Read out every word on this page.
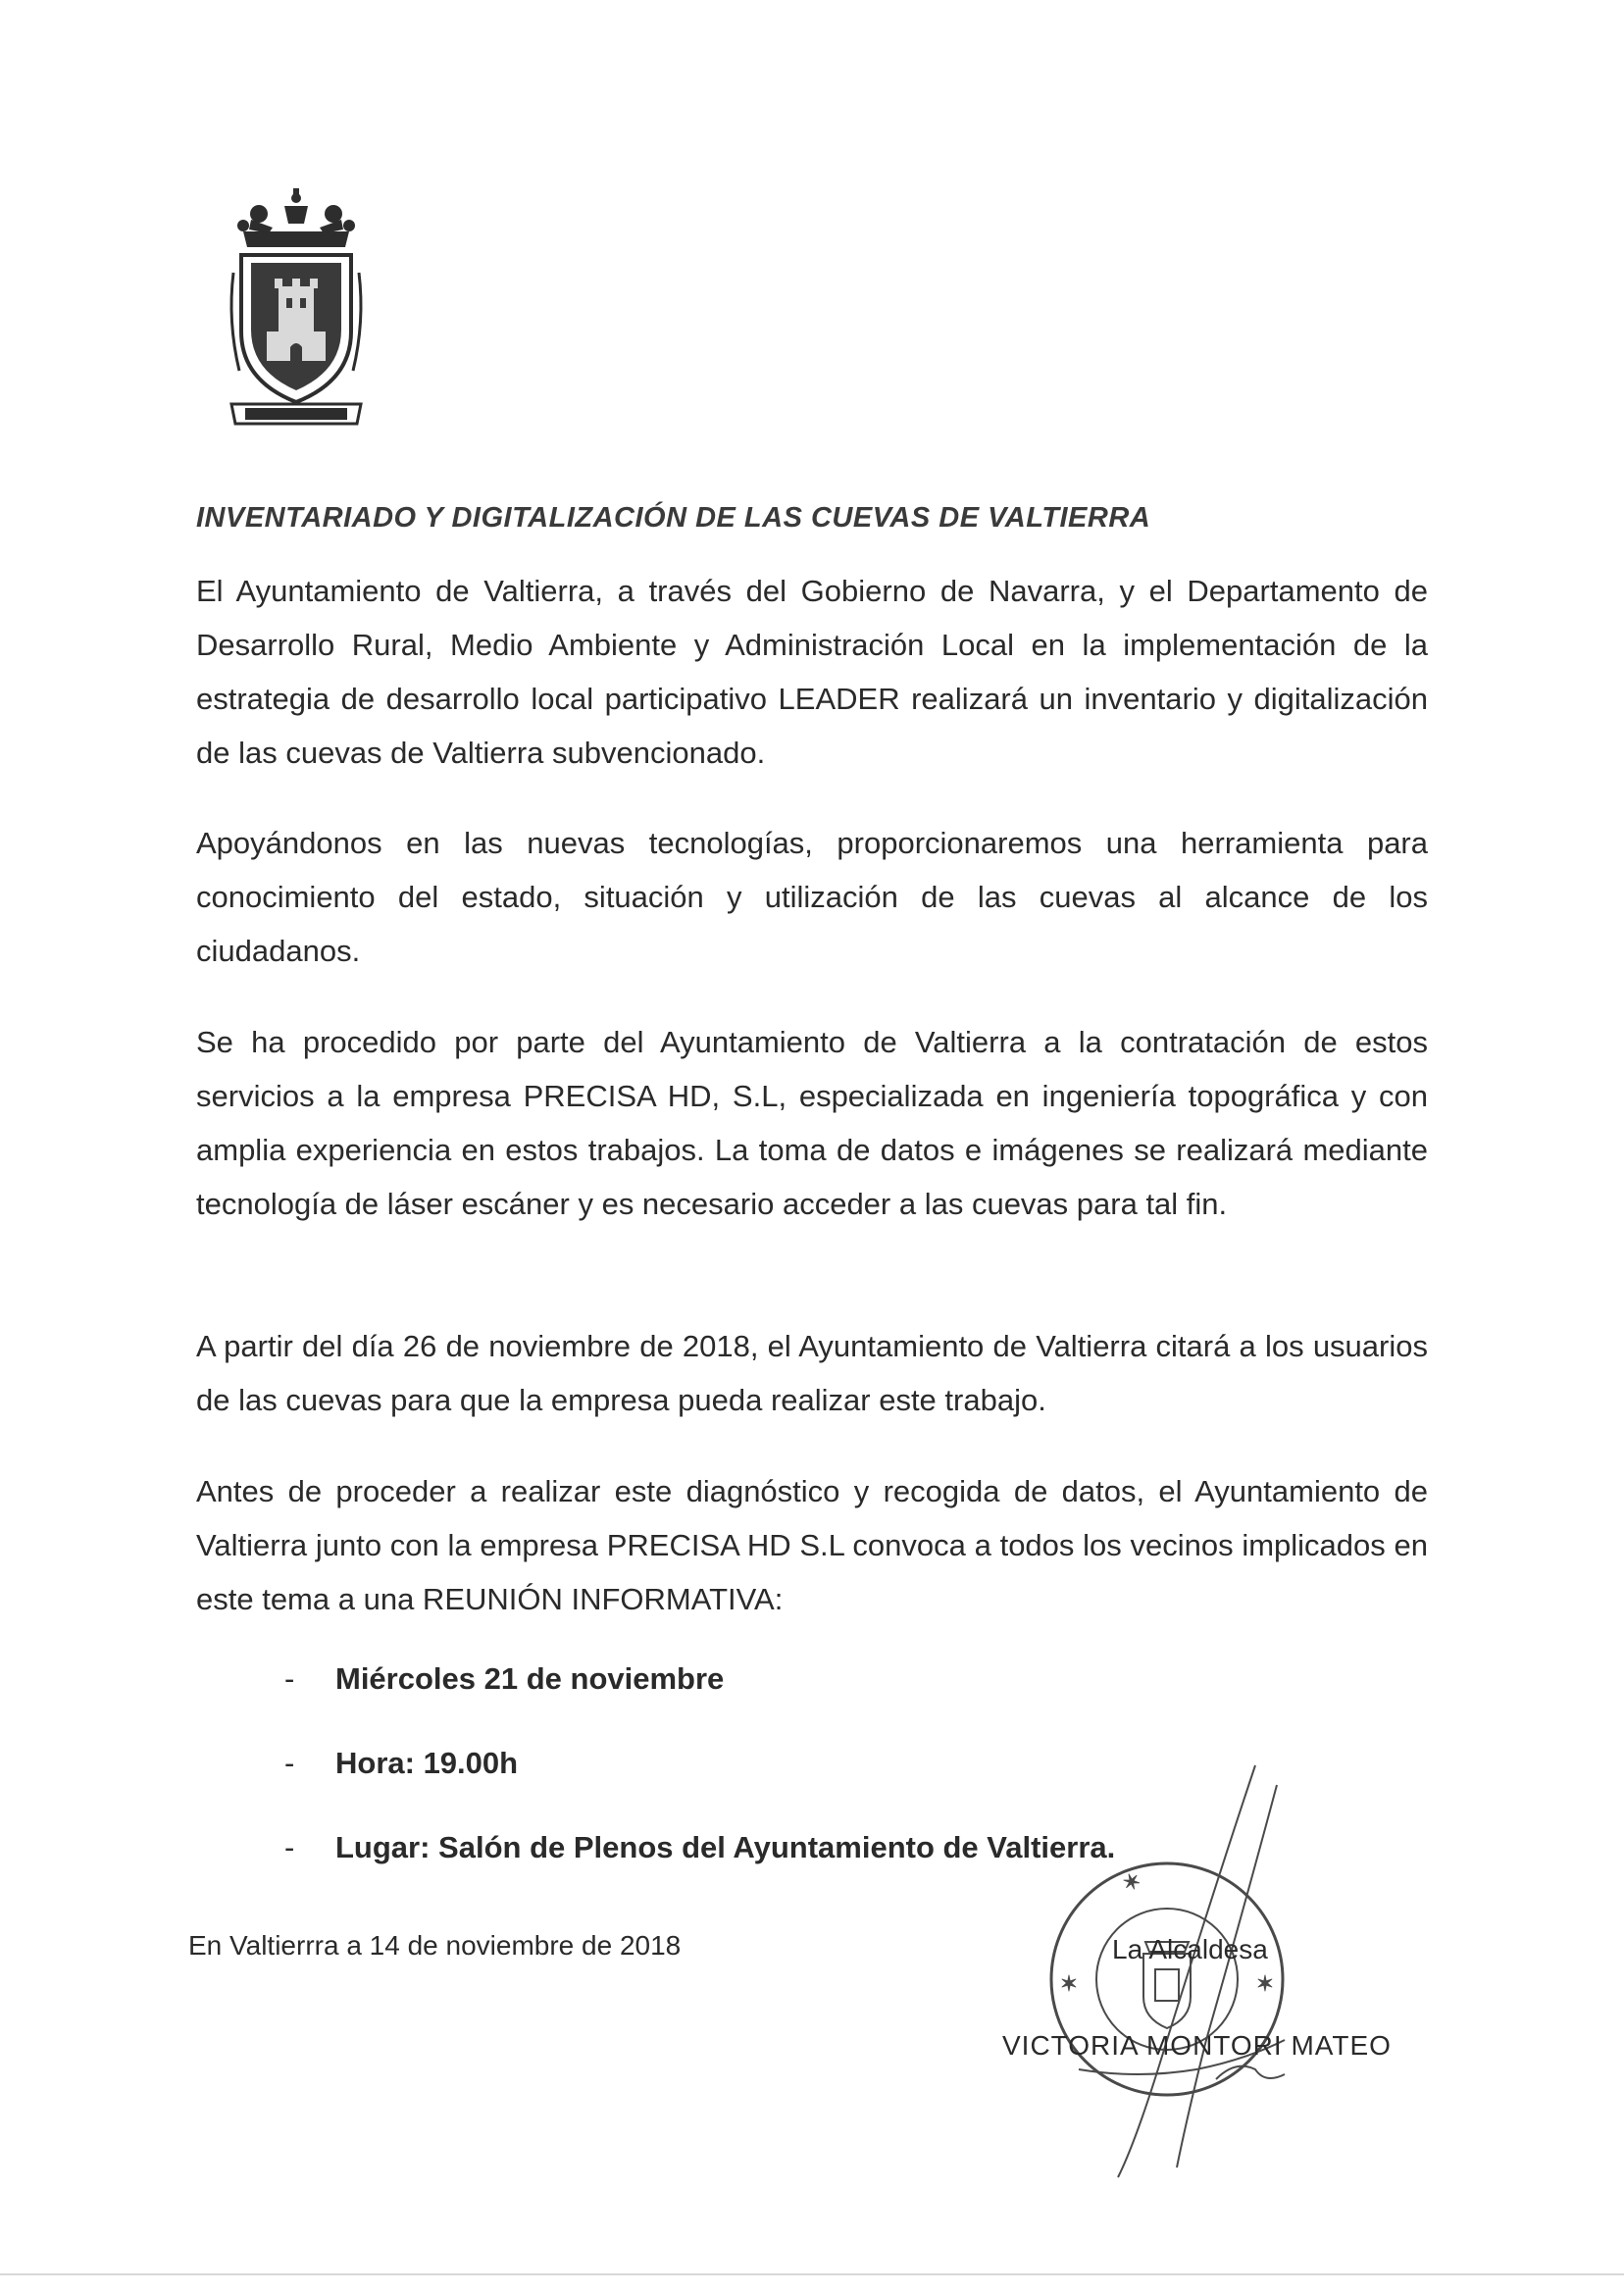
INVENTARIADO Y DIGITALIZACIÓN DE LAS CUEVAS DE VALTIERRA

El Ayuntamiento de Valtierra, a través del Gobierno de Navarra, y el Departamento de Desarrollo Rural, Medio Ambiente y Administración Local en la implementación de la estrategia de desarrollo local participativo LEADER realizará un inventario y digitalización de las cuevas de Valtierra subvencionado.

Apoyándonos en las nuevas tecnologías, proporcionaremos una herramienta para conocimiento del estado, situación y utilización de las cuevas al alcance de los ciudadanos.

Se ha procedido por parte del Ayuntamiento de Valtierra a la contratación de estos servicios a la empresa PRECISA HD, S.L, especializada en ingeniería topográfica y con amplia experiencia en estos trabajos. La toma de datos e imágenes se realizará mediante tecnología de láser escáner y es necesario acceder a las cuevas para tal fin.

A partir del día 26 de noviembre de 2018, el Ayuntamiento de Valtierra citará a los usuarios de las cuevas para que la empresa pueda realizar este trabajo.

Antes de proceder a realizar este diagnóstico y recogida de datos, el Ayuntamiento de Valtierra junto con la empresa PRECISA HD S.L convoca a todos los vecinos implicados en este tema a una REUNIÓN INFORMATIVA:

- Miércoles 21 de noviembre
- Hora: 19.00h
- Lugar: Salón de Plenos del Ayuntamiento de Valtierra.
En Valtierrra a 14 de noviembre de 2018
✶
✶	✶
La Alcaldesa
VICTORIA MONTORI MATEO
